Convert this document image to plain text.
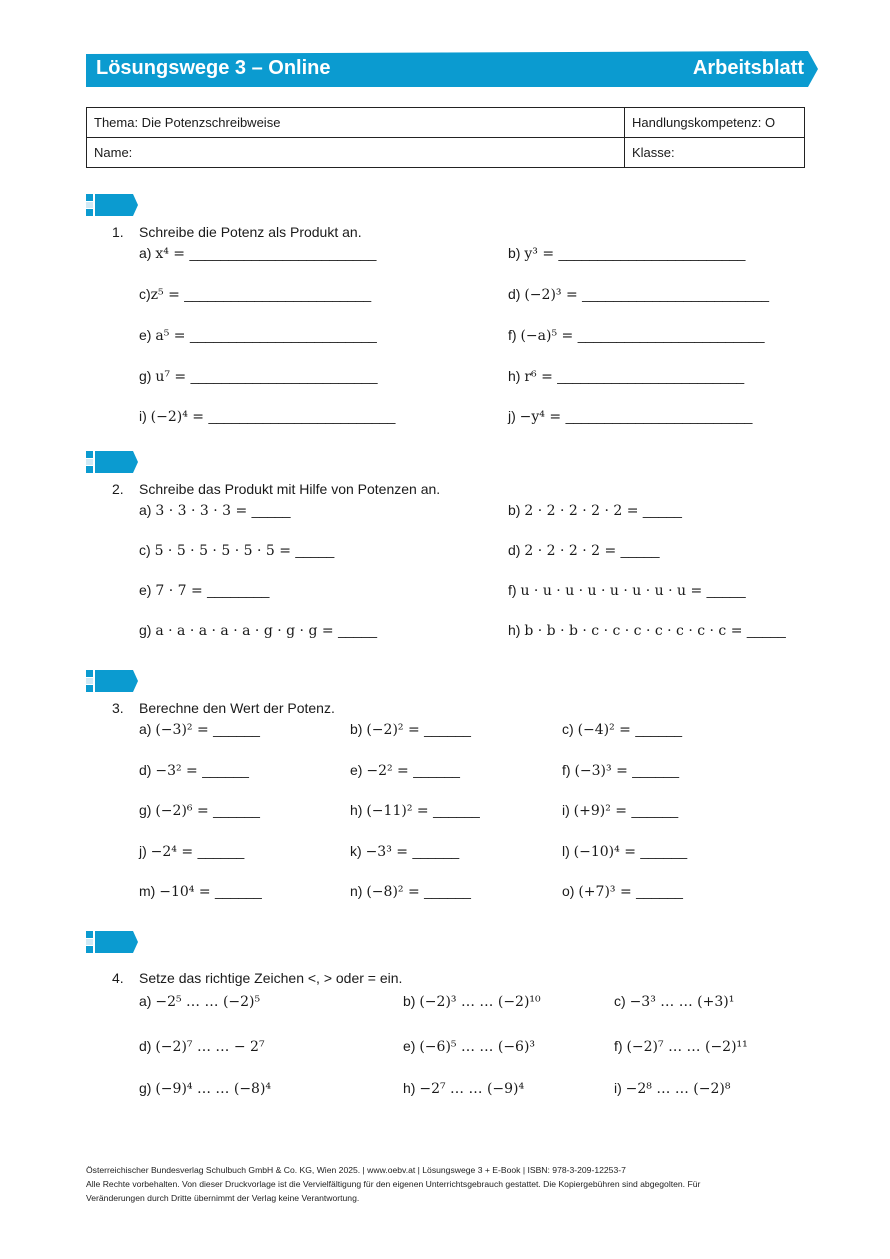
Lösungswege 3 – Online	Arbeitsblatt
Thema: Die Potenzschreibweise	Handlungskompetenz: O
Name:	Klasse:
1. Schreibe die Potenz als Produkt an.
a) x⁴ = ________________________	b) y³ = ________________________
c)z⁵ = ________________________	d) (−2)³ = ________________________
e) a⁵ = ________________________	f) (−a)⁵ = ________________________
g) u⁷ = ________________________	h) r⁶ = ________________________
i) (−2)⁴ = ________________________	j) −y⁴ = ________________________
2. Schreibe das Produkt mit Hilfe von Potenzen an.
a) 3 · 3 · 3 · 3 = _____	b) 2 · 2 · 2 · 2 · 2 = _____
c) 5 · 5 · 5 · 5 · 5 · 5 = _____	d) 2 · 2 · 2 · 2 = _____
e) 7 · 7 = ________	f) u · u · u · u · u · u · u · u = _____
g) a · a · a · a · a · g · g · g = _____	h) b · b · b · c · c · c · c · c · c · c = _____
3. Berechne den Wert der Potenz.
a) (−3)² = ______	b) (−2)² = ______	c) (−4)² = ______
d) −3² = ______	e) −2² = ______	f) (−3)³ = ______
g) (−2)⁶ = ______	h) (−11)² = ______	i) (+9)² = ______
j) −2⁴ = ______	k) −3³ = ______	l) (−10)⁴ = ______
m) −10⁴ = ______	n) (−8)² = ______	o) (+7)³ = ______
4. Setze das richtige Zeichen <, > oder = ein.
a) −2⁵ … … (−2)⁵	b) (−2)³ … … (−2)¹⁰	c) −3³ … … (+3)¹
d) (−2)⁷ … … − 2⁷	e) (−6)⁵ … … (−6)³	f) (−2)⁷ … … (−2)¹¹
g) (−9)⁴ … … (−8)⁴	h) −2⁷ … … (−9)⁴	i) −2⁸ … … (−2)⁸
Österreichischer Bundesverlag Schulbuch GmbH & Co. KG, Wien 2025. | www.oebv.at | Lösungswege 3 + E-Book | ISBN: 978-3-209-12253-7
Alle Rechte vorbehalten. Von dieser Druckvorlage ist die Vervielfältigung für den eigenen Unterrichtsgebrauch gestattet. Die Kopiergebühren sind abgegolten. Für
Veränderungen durch Dritte übernimmt der Verlag keine Verantwortung.
